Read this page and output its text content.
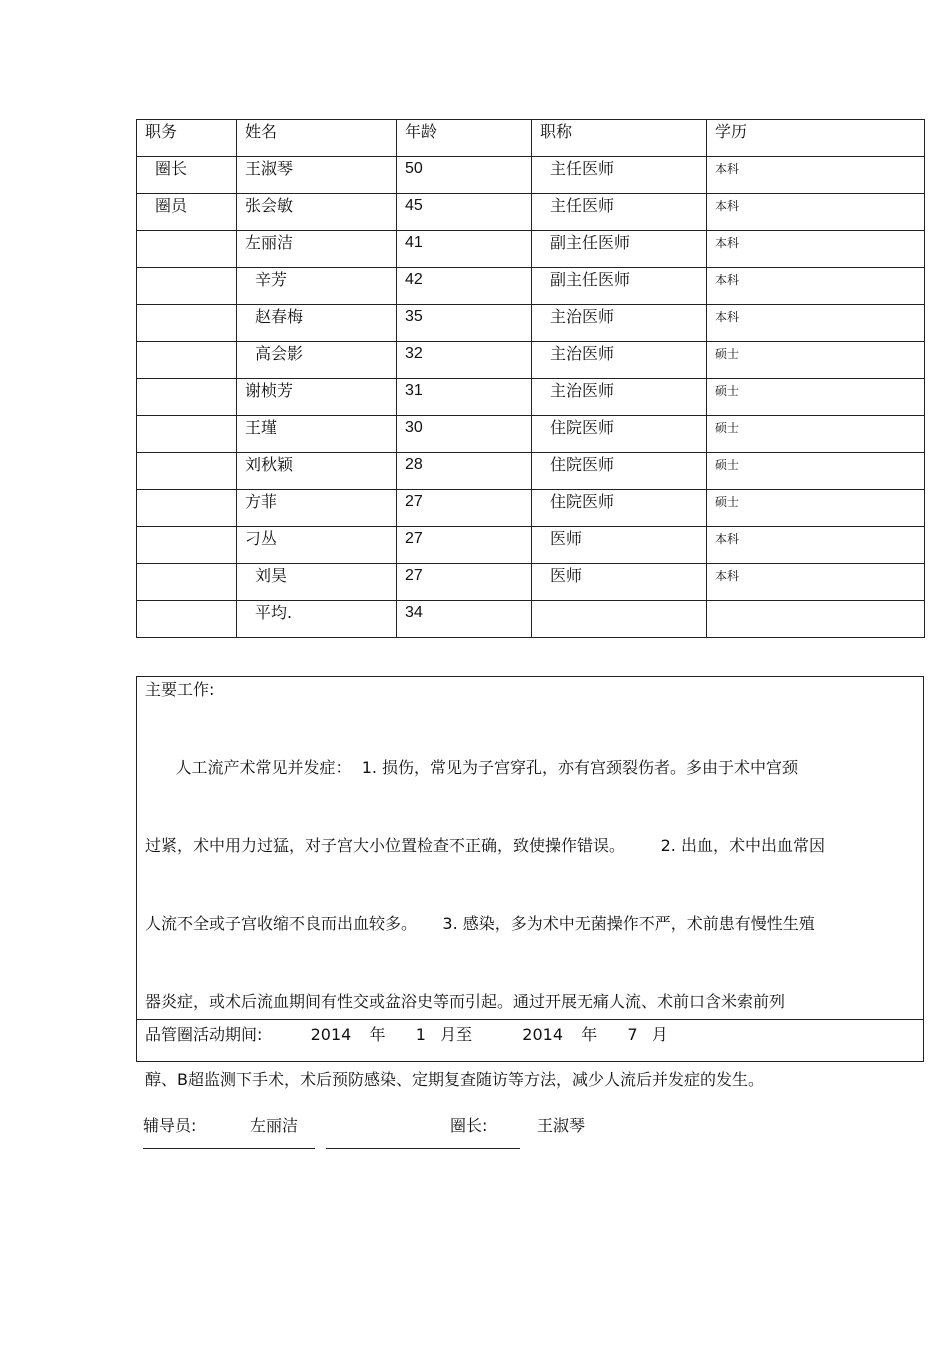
职务	姓名	年龄	职称	学历
圈长	王淑琴	50	主任医师	本科
圈员	张会敏	45	主任医师	本科
	左丽洁	41	副主任医师	本科
	辛芳	42	副主任医师	本科
	赵春梅	35	主治医师	本科
	高会影	32	主治医师	硕士
	谢桢芳	31	主治医师	硕士
	王瑾	30	住院医师	硕士
	刘秋颖	28	住院医师	硕士
	方菲	27	住院医师	硕士
	刁丛	27	医师	本科
	刘昊	27	医师	本科
	平均.	34		
主要工作:

人工流产术常见并发症：  1. 损伤，常见为子宫穿孔，亦有宫颈裂伤者。多由于术中宫颈

过紧，术中用力过猛，对子宫大小位置检查不正确，致使操作错误。       2. 出血，术中出血常因

人流不全或子宫收缩不良而出血较多。     3. 感染，多为术中无菌操作不严，术前患有慢性生殖

器炎症，或术后流血期间有性交或盆浴史等而引起。通过开展无痛人流、术前口含米索前列

醇、B超监测下手术，术后预防感染、定期复查随访等方法，减少人流后并发症的发生。

品管圈活动期间:	2014 年 1 月至	2014 年 7 月
辅导员:	左丽洁	圈长:	王淑琴
